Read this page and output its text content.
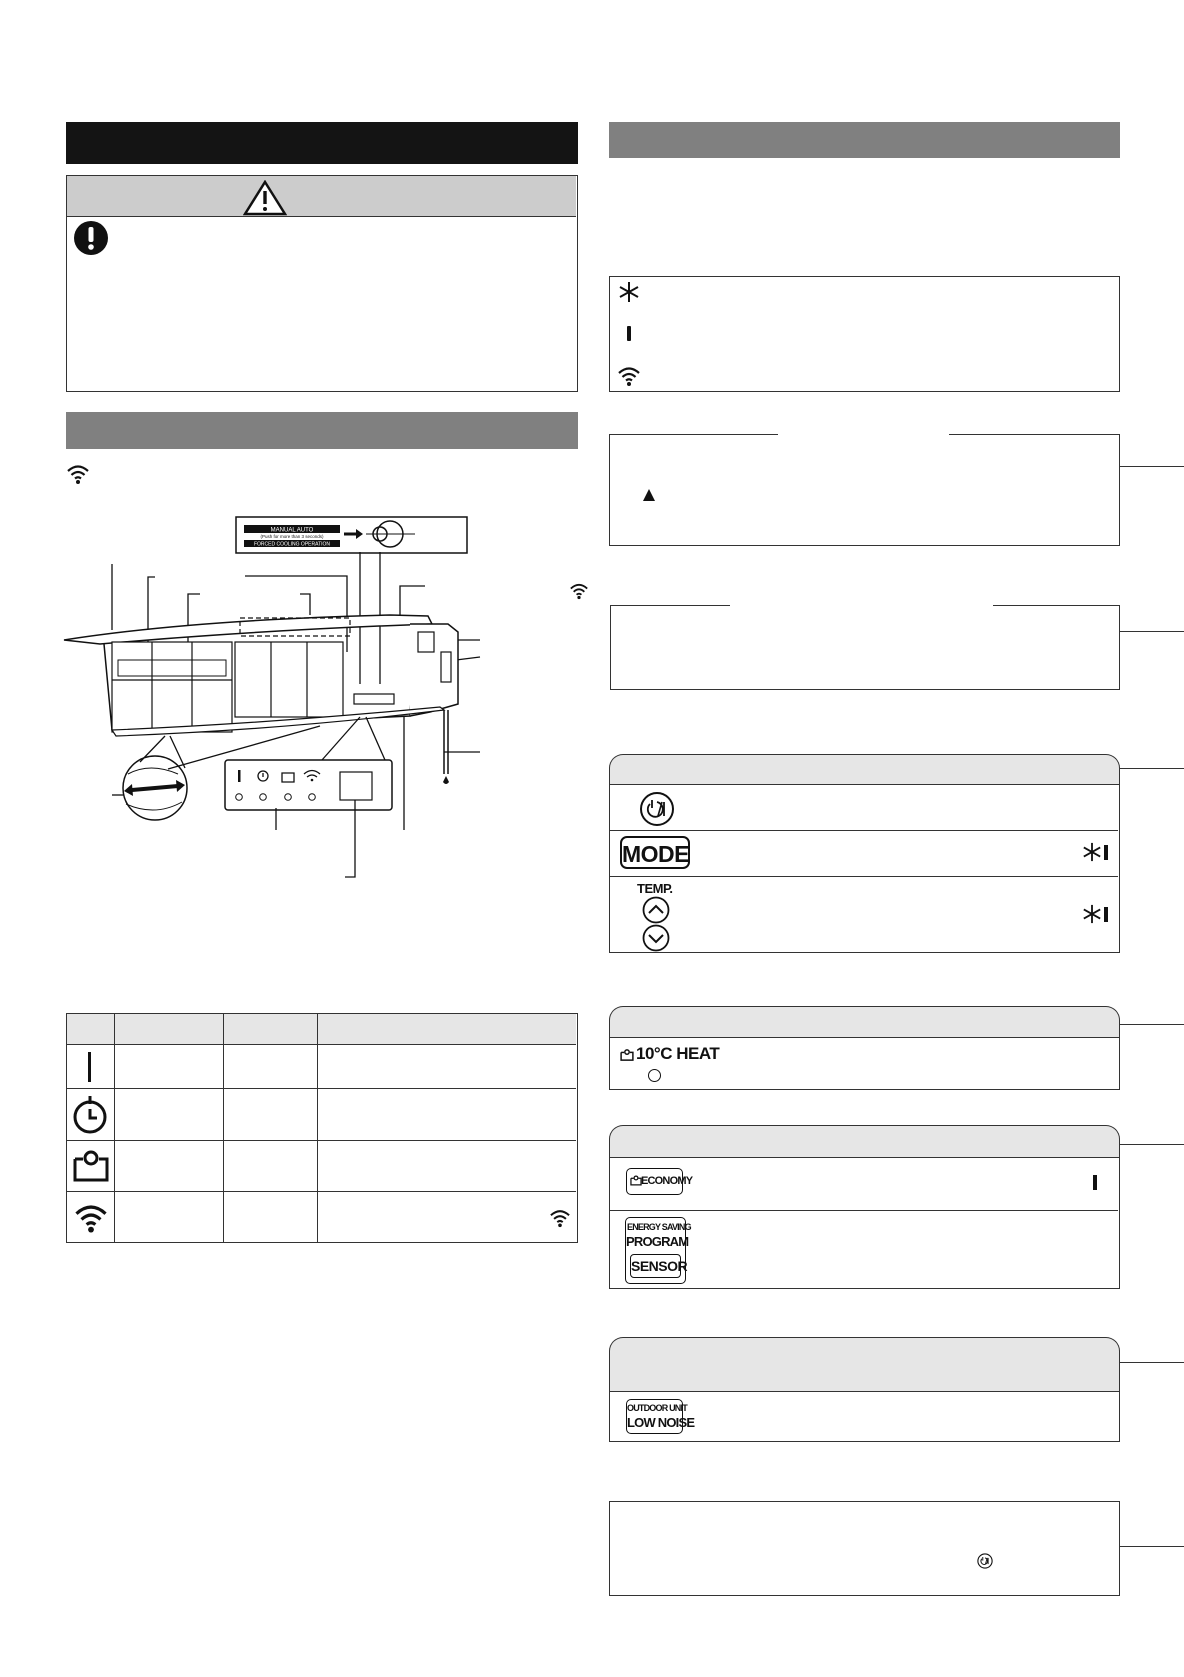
MANUAL AUTO
(Push for more than 3 seconds)
FORCED COOLING OPERATION
MODE
TEMP.
10°C HEAT
ECONOMY
ENERGY SAVING
PROGRAM
SENSOR
OUTDOOR UNIT
LOW NOISE
